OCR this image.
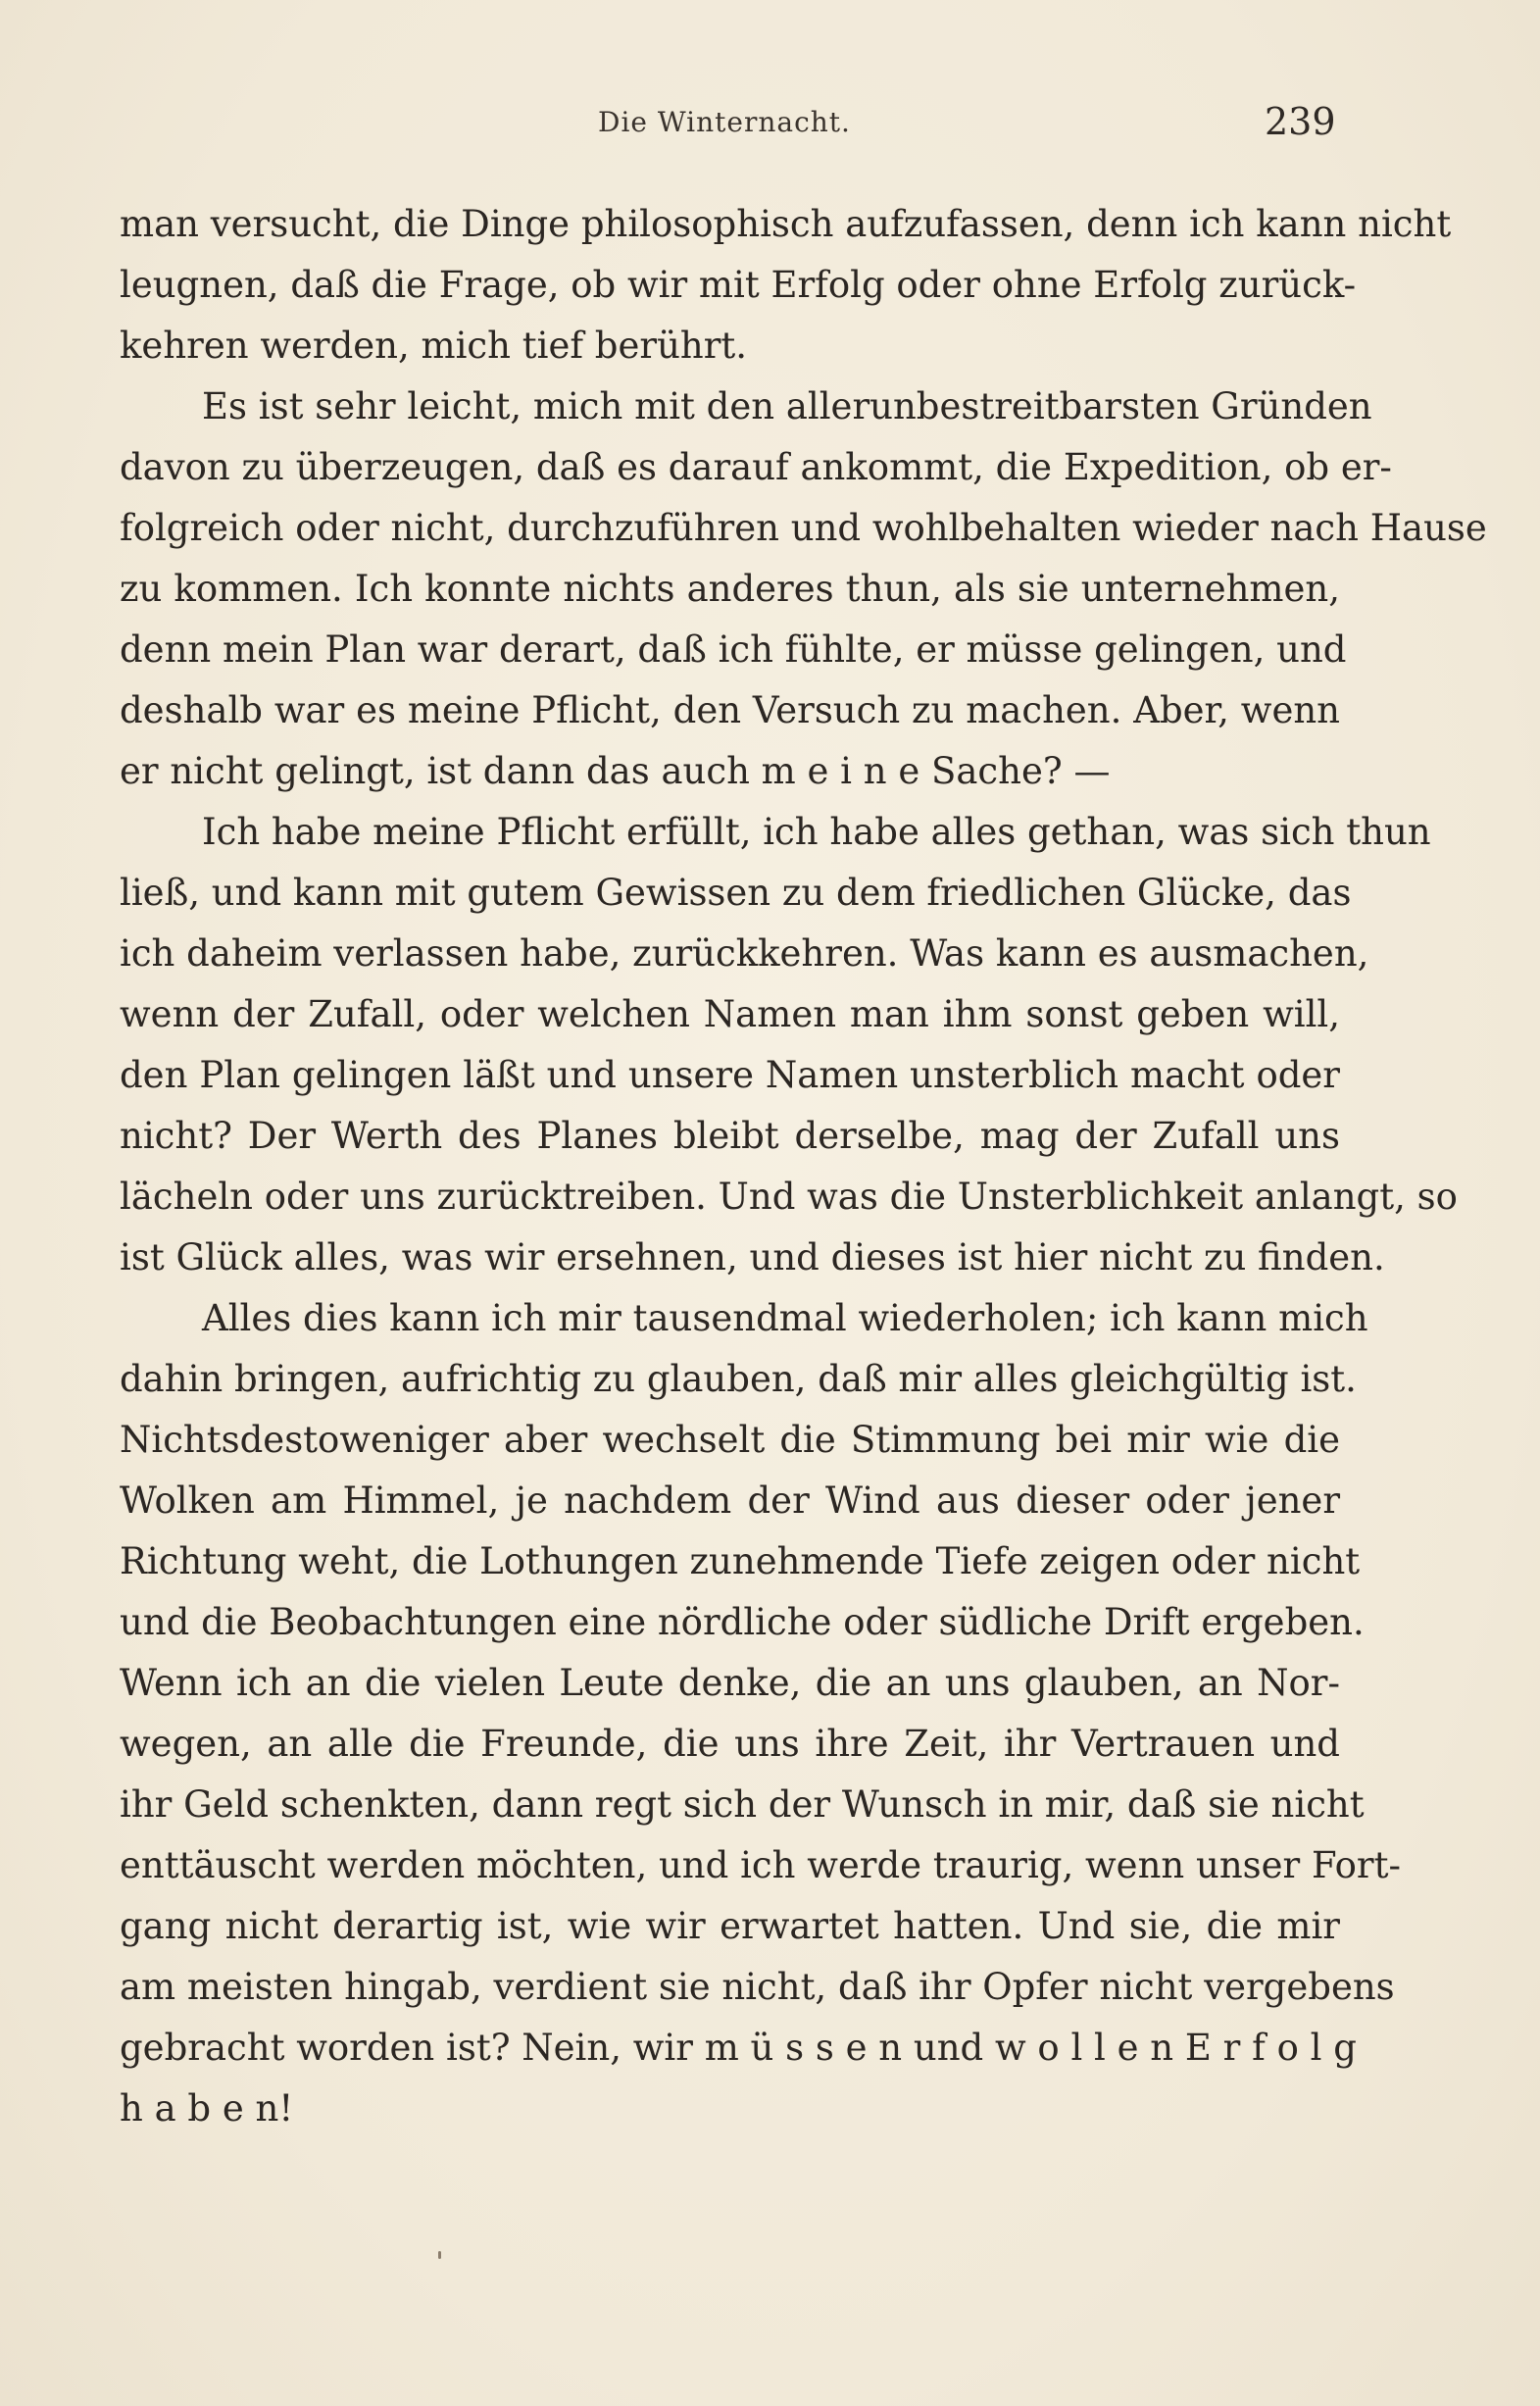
Die Winternacht.	239
man versucht, die Dinge philosophisch aufzufassen, denn ich kann nicht
leugnen, daß die Frage, ob wir mit Erfolg oder ohne Erfolg zurück-
kehren werden, mich tief berührt.
Es ist sehr leicht, mich mit den allerunbestreitbarsten Gründen
davon zu überzeugen, daß es darauf ankommt, die Expedition, ob er-
folgreich oder nicht, durchzuführen und wohlbehalten wieder nach Hause
zu kommen. Ich konnte nichts anderes thun, als sie unternehmen,
denn mein Plan war derart, daß ich fühlte, er müsse gelingen, und
deshalb war es meine Pflicht, den Versuch zu machen. Aber, wenn
er nicht gelingt, ist dann das auch m e i n e Sache? —
Ich habe meine Pflicht erfüllt, ich habe alles gethan, was sich thun
ließ, und kann mit gutem Gewissen zu dem friedlichen Glücke, das
ich daheim verlassen habe, zurückkehren. Was kann es ausmachen,
wenn der Zufall, oder welchen Namen man ihm sonst geben will,
den Plan gelingen läßt und unsere Namen unsterblich macht oder
nicht? Der Werth des Planes bleibt derselbe, mag der Zufall uns
lächeln oder uns zurücktreiben. Und was die Unsterblichkeit anlangt, so
ist Glück alles, was wir ersehnen, und dieses ist hier nicht zu finden.
Alles dies kann ich mir tausendmal wiederholen; ich kann mich
dahin bringen, aufrichtig zu glauben, daß mir alles gleichgültig ist.
Nichtsdestoweniger aber wechselt die Stimmung bei mir wie die
Wolken am Himmel, je nachdem der Wind aus dieser oder jener
Richtung weht, die Lothungen zunehmende Tiefe zeigen oder nicht
und die Beobachtungen eine nördliche oder südliche Drift ergeben.
Wenn ich an die vielen Leute denke, die an uns glauben, an Nor-
wegen, an alle die Freunde, die uns ihre Zeit, ihr Vertrauen und
ihr Geld schenkten, dann regt sich der Wunsch in mir, daß sie nicht
enttäuscht werden möchten, und ich werde traurig, wenn unser Fort-
gang nicht derartig ist, wie wir erwartet hatten. Und sie, die mir
am meisten hingab, verdient sie nicht, daß ihr Opfer nicht vergebens
gebracht worden ist? Nein, wir m ü s s e n und w o l l e n E r f o l g
h a b e n!
